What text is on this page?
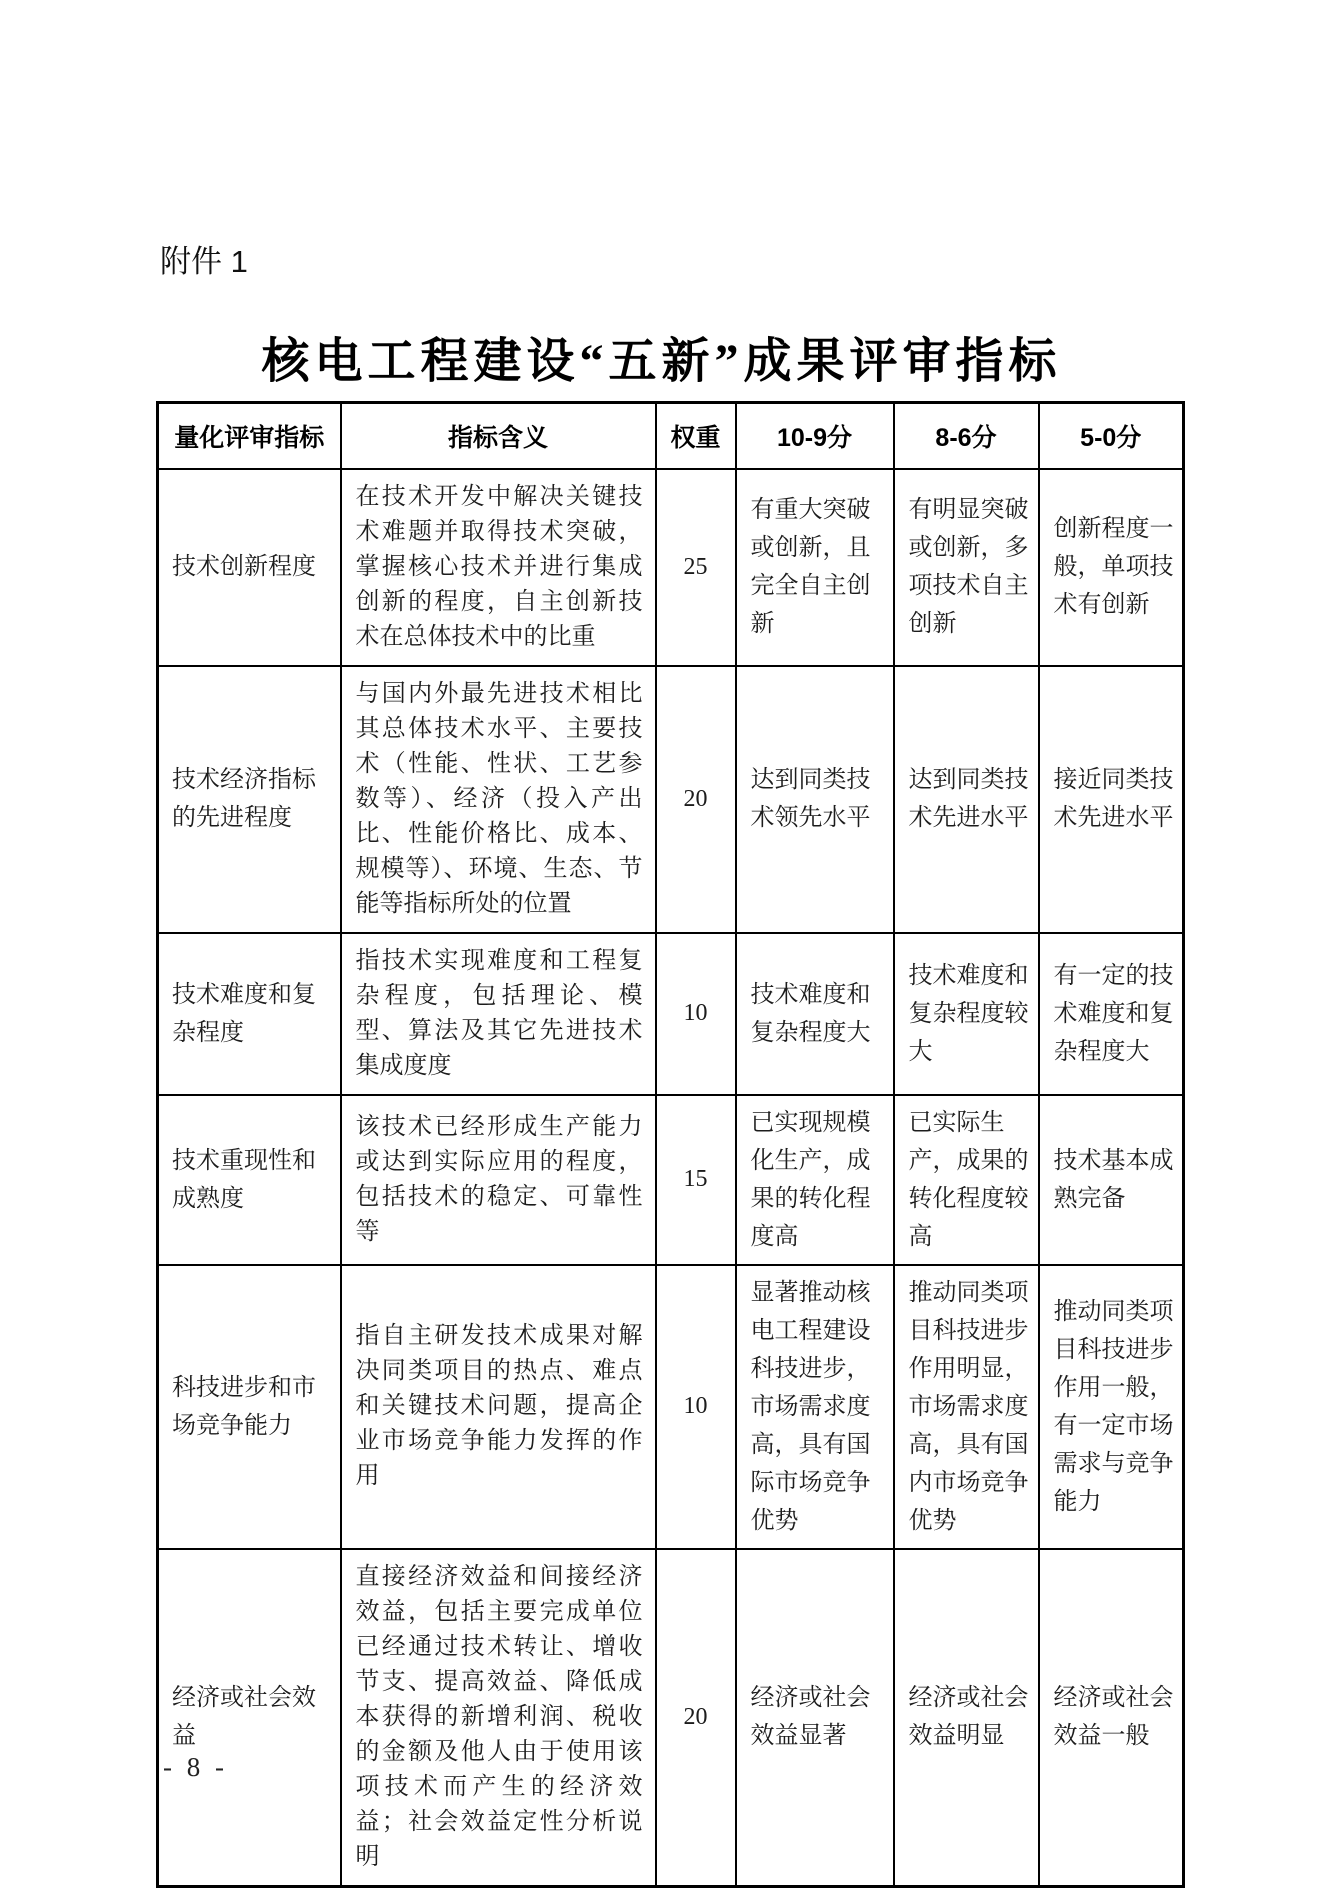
附件 1
核电工程建设“五新”成果评审指标
量化评审指标	指标含义	权重	10-9分	8-6分	5-0分
技术创新程度	在技术开发中解决关键技术难题并取得技术突破，掌握核心技术并进行集成创新的程度，自主创新技术在总体技术中的比重	25	有重大突破或创新，且完全自主创新	有明显突破或创新，多项技术自主创新	创新程度一般，单项技术有创新
技术经济指标的先进程度	与国内外最先进技术相比其总体技术水平、主要技术（性能、性状、工艺参数等）、经济（投入产出比、性能价格比、成本、规模等）、环境、生态、节能等指标所处的位置	20	达到同类技术领先水平	达到同类技术先进水平	接近同类技术先进水平
技术难度和复杂程度	指技术实现难度和工程复杂程度，包括理论、模型、算法及其它先进技术集成度度	10	技术难度和复杂程度大	技术难度和复杂程度较大	有一定的技术难度和复杂程度大
技术重现性和成熟度	该技术已经形成生产能力或达到实际应用的程度，包括技术的稳定、可靠性等	15	已实现规模化生产，成果的转化程度高	已实际生产，成果的转化程度较高	技术基本成熟完备
科技进步和市场竞争能力	指自主研发技术成果对解决同类项目的热点、难点和关键技术问题，提高企业市场竞争能力发挥的作用	10	显著推动核电工程建设科技进步，市场需求度高，具有国际市场竞争优势	推动同类项目科技进步作用明显，市场需求度高，具有国内市场竞争优势	推动同类项目科技进步作用一般，有一定市场需求与竞争能力
经济或社会效益	直接经济效益和间接经济效益，包括主要完成单位已经通过技术转让、增收节支、提高效益、降低成本获得的新增利润、税收的金额及他人由于使用该项技术而产生的经济效益；社会效益定性分析说明	20	经济或社会效益显著	经济或社会效益明显	经济或社会效益一般
- 8 -
